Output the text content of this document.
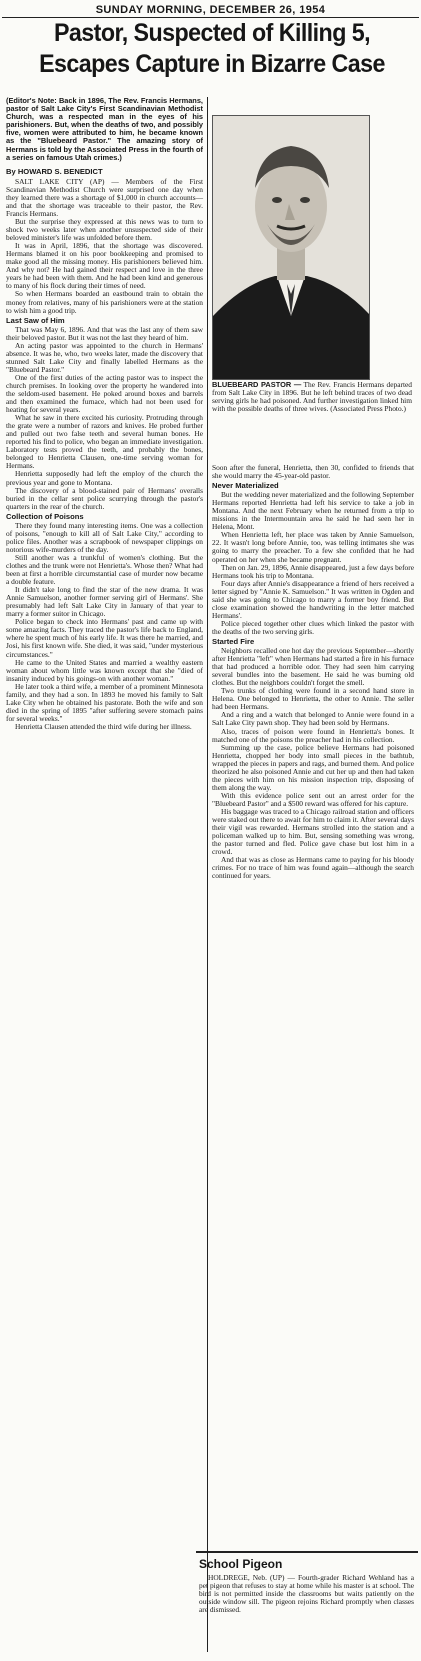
SUNDAY MORNING, DECEMBER 26, 1954
Pastor, Suspected of Killing 5,
Escapes Capture in Bizarre Case

(Editor's Note: Back in 1896, The Rev. Francis Hermans, pastor of Salt Lake City's First Scandinavian Methodist Church, was a respected man in the eyes of his parishioners. But, when the deaths of two, and possibly five, women were attributed to him, he became known as the "Bluebeard Pastor." The amazing story of Hermans is told by the Associated Press in the fourth of a series on famous Utah crimes.)

By HOWARD S. BENEDICT

SALT LAKE CITY (AP) — Members of the First Scandinavian Methodist Church were surprised one day when they learned there was a shortage of $1,000 in church accounts—and that the shortage was traceable to their pastor, the Rev. Francis Hermans.

But the surprise they expressed at this news was to turn to shock two weeks later when another unsuspected side of their beloved minister's life was unfolded before them.

It was in April, 1896, that the shortage was discovered. Hermans blamed it on his poor bookkeeping and promised to make good all the missing money. His parishioners believed him. And why not? He had gained their respect and love in the three years he had been with them. And he had been kind and generous to many of his flock during their times of need.

So when Hermans boarded an eastbound train to obtain the money from relatives, many of his parishioners were at the station to wish him a good trip.

Last Saw of Him

That was May 6, 1896. And that was the last any of them saw their beloved pastor. But it was not the last they heard of him.

An acting pastor was appointed to the church in Hermans' absence. It was he, who, two weeks later, made the discovery that stunned Salt Lake City and finally labelled Hermans as the "Bluebeard Pastor."

One of the first duties of the acting pastor was to inspect the church premises. In looking over the property he wandered into the seldom-used basement. He poked around boxes and barrels and then examined the furnace, which had not been used for heating for several years.

What he saw in there excited his curiosity. Protruding through the grate were a number of razors and knives. He probed further and pulled out two false teeth and several human bones. He reported his find to police, who began an immediate investigation. Laboratory tests proved the teeth, and probably the bones, belonged to Henrietta Clausen, one-time serving woman for Hermans.

Henrietta supposedly had left the employ of the church the previous year and gone to Montana.

The discovery of a blood-stained pair of Hermans' overalls buried in the cellar sent police scurrying through the pastor's quarters in the rear of the church.

Collection of Poisons

There they found many interesting items. One was a collection of poisons, "enough to kill all of Salt Lake City," according to police files. Another was a scrapbook of newspaper clippings on notorious wife-murders of the day.

Still another was a trunkful of women's clothing. But the clothes and the trunk were not Henrietta's. Whose then? What had been at first a horrible circumstantial case of murder now became a double feature.

It didn't take long to find the star of the new drama. It was Annie Samuelson, another former serving girl of Hermans'. She presumably had left Salt Lake City in January of that year to marry a former suitor in Chicago.

Police began to check into Hermans' past and came up with some amazing facts. They traced the pastor's life back to England, where he spent much of his early life. It was there he married, and Josi, his first known wife. She died, it was said, "under mysterious circumstances."

He came to the United States and married a wealthy eastern woman about whom little was known except that she "died of insanity induced by his goings-on with another woman."

He later took a third wife, a member of a prominent Minnesota family, and they had a son. In 1893 he moved his family to Salt Lake City when he obtained his pastorate. Both the wife and son died in the spring of 1895 "after suffering severe stomach pains for several weeks."

Henrietta Clausen attended the third wife during her illness.

BLUEBEARD PASTOR — The Rev. Francis Hermans departed from Salt Lake City in 1896. But he left behind traces of two dead serving girls he had poisoned. And further investigation linked him with the possible deaths of three wives. (Associated Press Photo.)

Soon after the funeral, Henrietta, then 30, confided to friends that she would marry the 45-year-old pastor.

Never Materialized

But the wedding never materialized and the following September Hermans reported Henrietta had left his service to take a job in Montana. And the next February when he returned from a trip to missions in the Intermountain area he said he had seen her in Helena, Mont.

When Henrietta left, her place was taken by Annie Samuelson, 22. It wasn't long before Annie, too, was telling intimates she was going to marry the preacher. To a few she confided that he had operated on her when she became pregnant.

Then on Jan. 29, 1896, Annie disappeared, just a few days before Hermans took his trip to Montana.

Four days after Annie's disappearance a friend of hers received a letter signed by "Annie K. Samuelson." It was written in Ogden and said she was going to Chicago to marry a former boy friend. But close examination showed the handwriting in the letter matched Hermans'.

Police pieced together other clues which linked the pastor with the deaths of the two serving girls.

Started Fire

Neighbors recalled one hot day the previous September—shortly after Henrietta "left" when Hermans had started a fire in his furnace that had produced a horrible odor. They had seen him carrying several bundles into the basement. He said he was burning old clothes. But the neighbors couldn't forget the smell.

Two trunks of clothing were found in a second hand store in Helena. One belonged to Henrietta, the other to Annie. The seller had been Hermans.

And a ring and a watch that belonged to Annie were found in a Salt Lake City pawn shop. They had been sold by Hermans.

Also, traces of poison were found in Henrietta's bones. It matched one of the poisons the preacher had in his collection.

Summing up the case, police believe Hermans had poisoned Henrietta, chopped her body into small pieces in the bathtub, wrapped the pieces in papers and rags, and burned them. And police theorized he also poisoned Annie and cut her up and then had taken the pieces with him on his mission inspection trip, disposing of them along the way.

With this evidence police sent out an arrest order for the "Bluebeard Pastor" and a $500 reward was offered for his capture.

His baggage was traced to a Chicago railroad station and officers were staked out there to await for him to claim it. After several days their vigil was rewarded. Hermans strolled into the station and a policeman walked up to him. But, sensing something was wrong, the pastor turned and fled. Police gave chase but lost him in a crowd.

And that was as close as Hermans came to paying for his bloody crimes. For no trace of him was found again—although the search continued for years.

School Pigeon

HOLDREGE, Neb. (UP) — Fourth-grader Richard Wehland has a pet pigeon that refuses to stay at home while his master is at school. The bird is not permitted inside the classrooms but waits patiently on the outside window sill. The pigeon rejoins Richard promptly when classes are dismissed.
